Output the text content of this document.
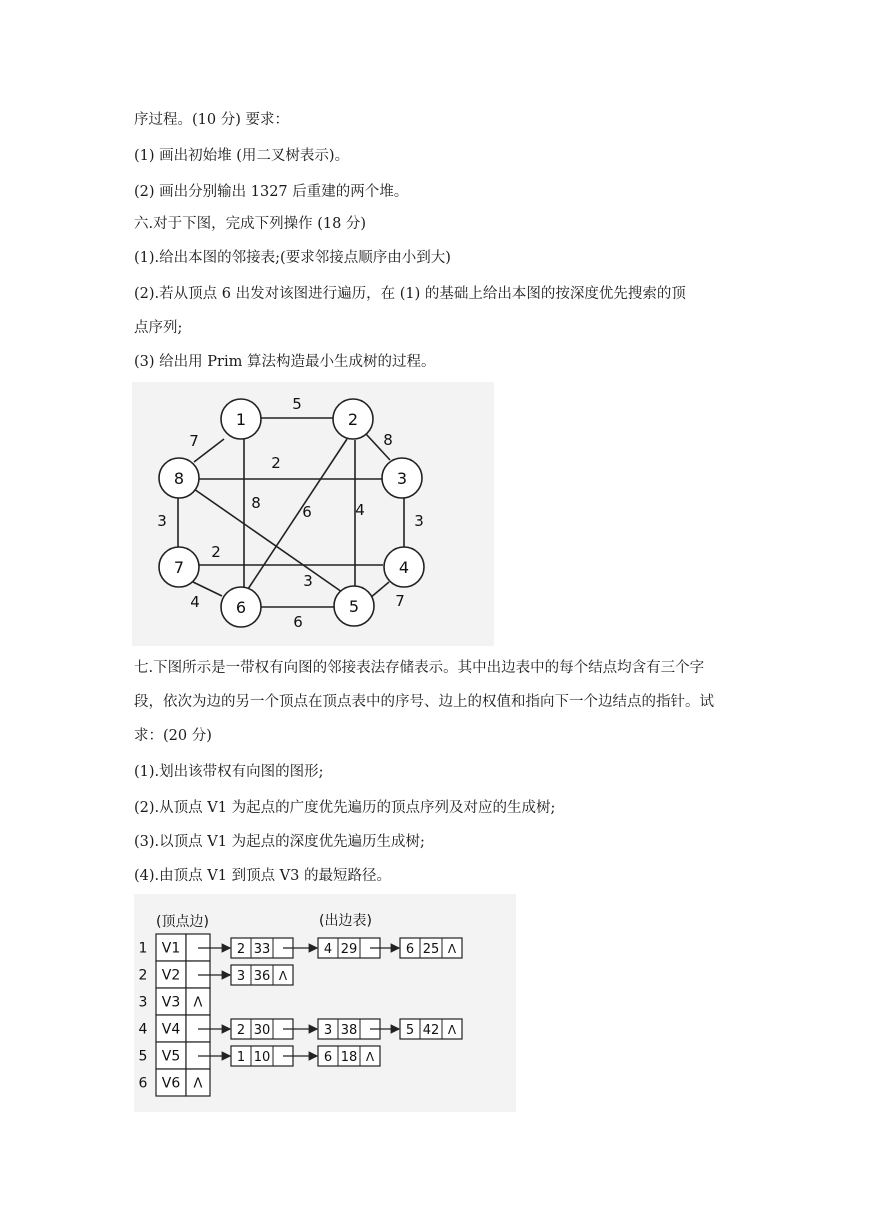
序过程。(10 分) 要求：
(1) 画出初始堆 (用二叉树表示)。
(2) 画出分别输出 1327 后重建的两个堆。
六.对于下图，完成下列操作 (18 分)
(1).给出本图的邻接表;(要求邻接点顺序由小到大)
(2).若从顶点 6 出发对该图进行遍历，在 (1) 的基础上给出本图的按深度优先搜索的顶
点序列;
(3) 给出用 Prim 算法构造最小生成树的过程。
1	2
3
4
5
6
7
8
5
7	8
2
8	6	4
3
3
2
3
4	7
6
七.下图所示是一带权有向图的邻接表法存储表示。其中出边表中的每个结点均含有三个字
段，依次为边的另一个顶点在顶点表中的序号、边上的权值和指向下一个边结点的指针。试
求：(20 分)
(1).划出该带权有向图的图形;
(2).从顶点 V1 为起点的广度优先遍历的顶点序列及对应的生成树;
(3).以顶点 V1 为起点的深度优先遍历生成树;
(4).由顶点 V1 到顶点 V3 的最短路径。
(顶点边)	(出边表)
1 V1	2 33	4 29	6 25 Λ
2 V2	3 36 Λ
3 V3 Λ
4 V4	2 30	3 38	5 42 Λ
5 V5	1 10	6 18 Λ
6 V6 Λ
